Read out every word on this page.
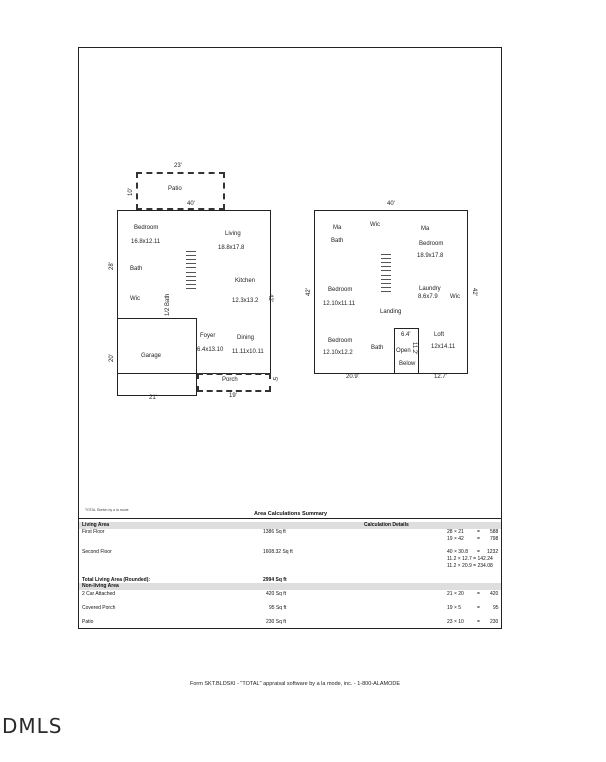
23'
10'	Patio
40'
28'
42'
20'
21'	19'
5'
Bedroom
16.8x12.11
Living
18.8x17.8
Bath
Kitchen
12.3x13.2
Wic	1/2 Bath
Garage
Foyer
6.4x13.10
Dining
11.11x10.11
Porch
40'
42'	42'
20.9'	12.7'
Ma
Bath
Wic
Ma
Bedroom
18.9x17.8
Bedroom
12.10x11.11
Laundry
8.6x7.9 Wic
Landing
6.4'
11.2'
Bedroom
12.10x12.2
Bath Open
Below
Loft
12x14.11
TOTAL Sketch by a la mode
Area Calculations Summary
Living Area	Calculation Details
First Floor	1386 Sq ft	28 × 21	= 588
19 × 42	= 798
Second Floor	1608.32 Sq ft	40 × 30.8 = 1232
11.2 × 12.7 = 142.24
11.2 × 20.9 = 234.08
Total Living Area (Rounded):	2994 Sq ft
Non-living Area
2 Car Attached	420 Sq ft	21 × 20	= 420
Covered Porch	95 Sq ft	19 × 5	=	95
Patio	230 Sq ft	23 × 10	= 230
Form SKT.BLDSKI - "TOTAL" appraisal software by a la mode, inc. - 1-800-ALAMODE
DMLS
